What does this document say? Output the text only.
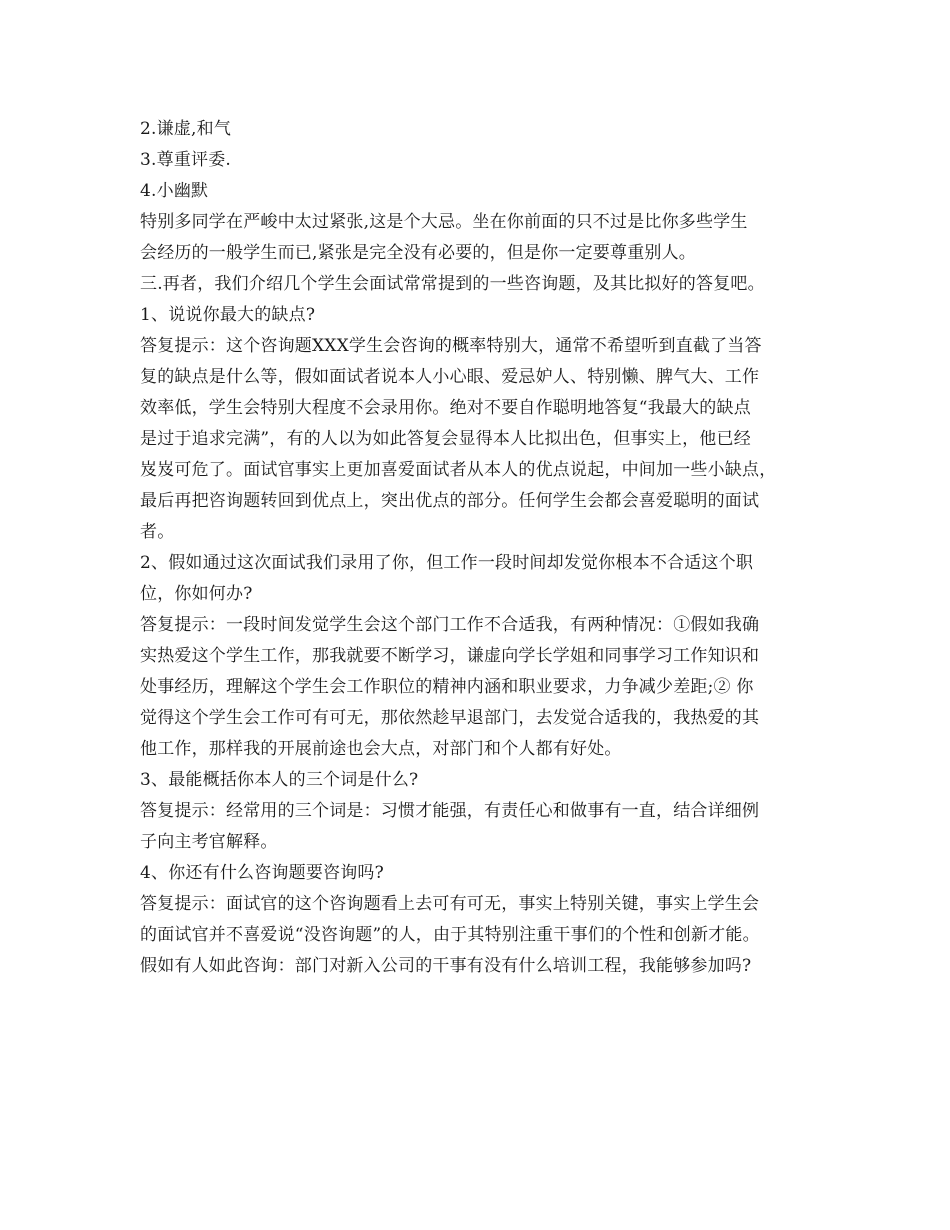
2.谦虚,和气
3.尊重评委.
4.小幽默
特别多同学在严峻中太过紧张,这是个大忌。坐在你前面的只不过是比你多些学生
会经历的一般学生而已,紧张是完全没有必要的，但是你一定要尊重别人。
三.再者，我们介绍几个学生会面试常常提到的一些咨询题，及其比拟好的答复吧。
1、说说你最大的缺点?
答复提示：这个咨询题XXX学生会咨询的概率特别大，通常不希望听到直截了当答
复的缺点是什么等，假如面试者说本人小心眼、爱忌妒人、特别懒、脾气大、工作
效率低，学生会特别大程度不会录用你。绝对不要自作聪明地答复“我最大的缺点
是过于追求完满”，有的人以为如此答复会显得本人比拟出色，但事实上，他已经
岌岌可危了。面试官事实上更加喜爱面试者从本人的优点说起，中间加一些小缺点，
最后再把咨询题转回到优点上，突出优点的部分。任何学生会都会喜爱聪明的面试
者。
2、假如通过这次面试我们录用了你，但工作一段时间却发觉你根本不合适这个职
位，你如何办?
答复提示：一段时间发觉学生会这个部门工作不合适我，有两种情况：①假如我确
实热爱这个学生工作，那我就要不断学习，谦虚向学长学姐和同事学习工作知识和
处事经历，理解这个学生会工作职位的精神内涵和职业要求，力争减少差距;② 你
觉得这个学生会工作可有可无，那依然趁早退部门，去发觉合适我的，我热爱的其
他工作，那样我的开展前途也会大点，对部门和个人都有好处。
3、最能概括你本人的三个词是什么?
答复提示：经常用的三个词是：习惯才能强，有责任心和做事有一直，结合详细例
子向主考官解释。
4、你还有什么咨询题要咨询吗?
答复提示：面试官的这个咨询题看上去可有可无，事实上特别关键，事实上学生会
的面试官并不喜爱说“没咨询题”的人，由于其特别注重干事们的个性和创新才能。
假如有人如此咨询：部门对新入公司的干事有没有什么培训工程，我能够参加吗?
